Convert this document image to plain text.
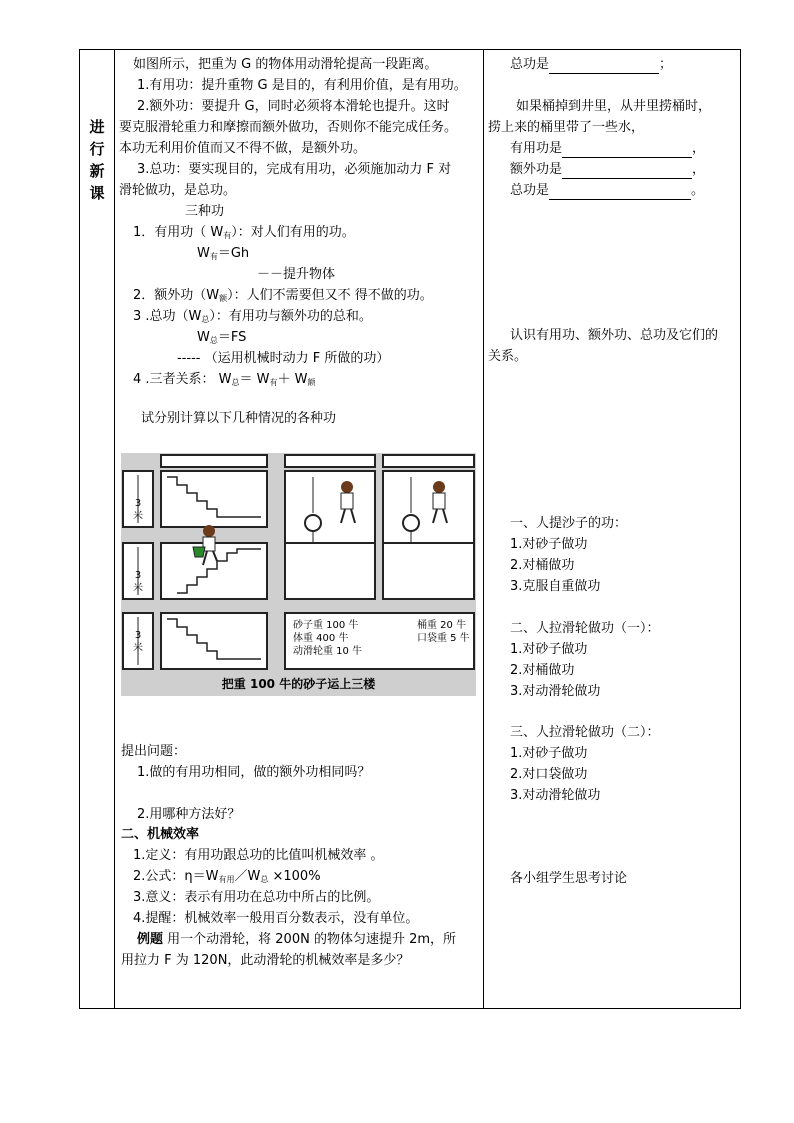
进
行
新
课
如图所示，把重为 G 的物体用动滑轮提高一段距离。
1.有用功：提升重物 G 是目的，有利用价值，是有用功。
2.额外功：要提升 G，同时必须将本滑轮也提升。这时
要克服滑轮重力和摩擦而额外做功，否则你不能完成任务。
本功无利用价值而又不得不做，是额外功。
3.总功：要实现目的，完成有用功，必须施加动力 F 对
滑轮做功，是总功。
三种功
1．有用功（ $W_有$）：对人们有用的功。
$W_有=Gh$
－－提升物体
2．额外功$(W_额)$：人们不需要但又不 得不做的功。
3 .总功$(W_总)$：有用功与额外功的总和。
$W_总=FS$
----- （运用机械时动力 F 所做的功）
4 .三者关系： $W_总= W_有+ W_额$
试分别计算以下几种情况的各种功
3
米
3
米
3
米
砂子重 100 牛
体重 400 牛
动滑轮重 10 牛
桶重 20 牛
口袋重 5 牛
把重 100 牛的砂子运上三楼
提出问题：
1.做的有用功相同，做的额外功相同吗？
2.用哪种方法好？
二、机械效率
1.定义：有用功跟总功的比值叫机械效率 。
2.公式：$\eta=W_{有用}/W_总 \times 100\%$
3.意义：表示有用功在总功中所占的比例。
4.提醒：机械效率一般用百分数表示，没有单位。
例题 用一个动滑轮，将 200N 的物体匀速提升 2m，所
用拉力 F 为 120N，此动滑轮的机械效率是多少？
总功是	；
如果桶掉到井里，从井里捞桶时，
捞上来的桶里带了一些水，
有用功是	，
额外功是	，
总功是	。
认识有用功、额外功、总功及它们的
关系。
一、人提沙子的功：
1.对砂子做功
2.对桶做功
3.克服自重做功
二、人拉滑轮做功（一）：
1.对砂子做功
2.对桶做功
3.对动滑轮做功
三、人拉滑轮做功（二）：
1.对砂子做功
2.对口袋做功
3.对动滑轮做功
各小组学生思考讨论
